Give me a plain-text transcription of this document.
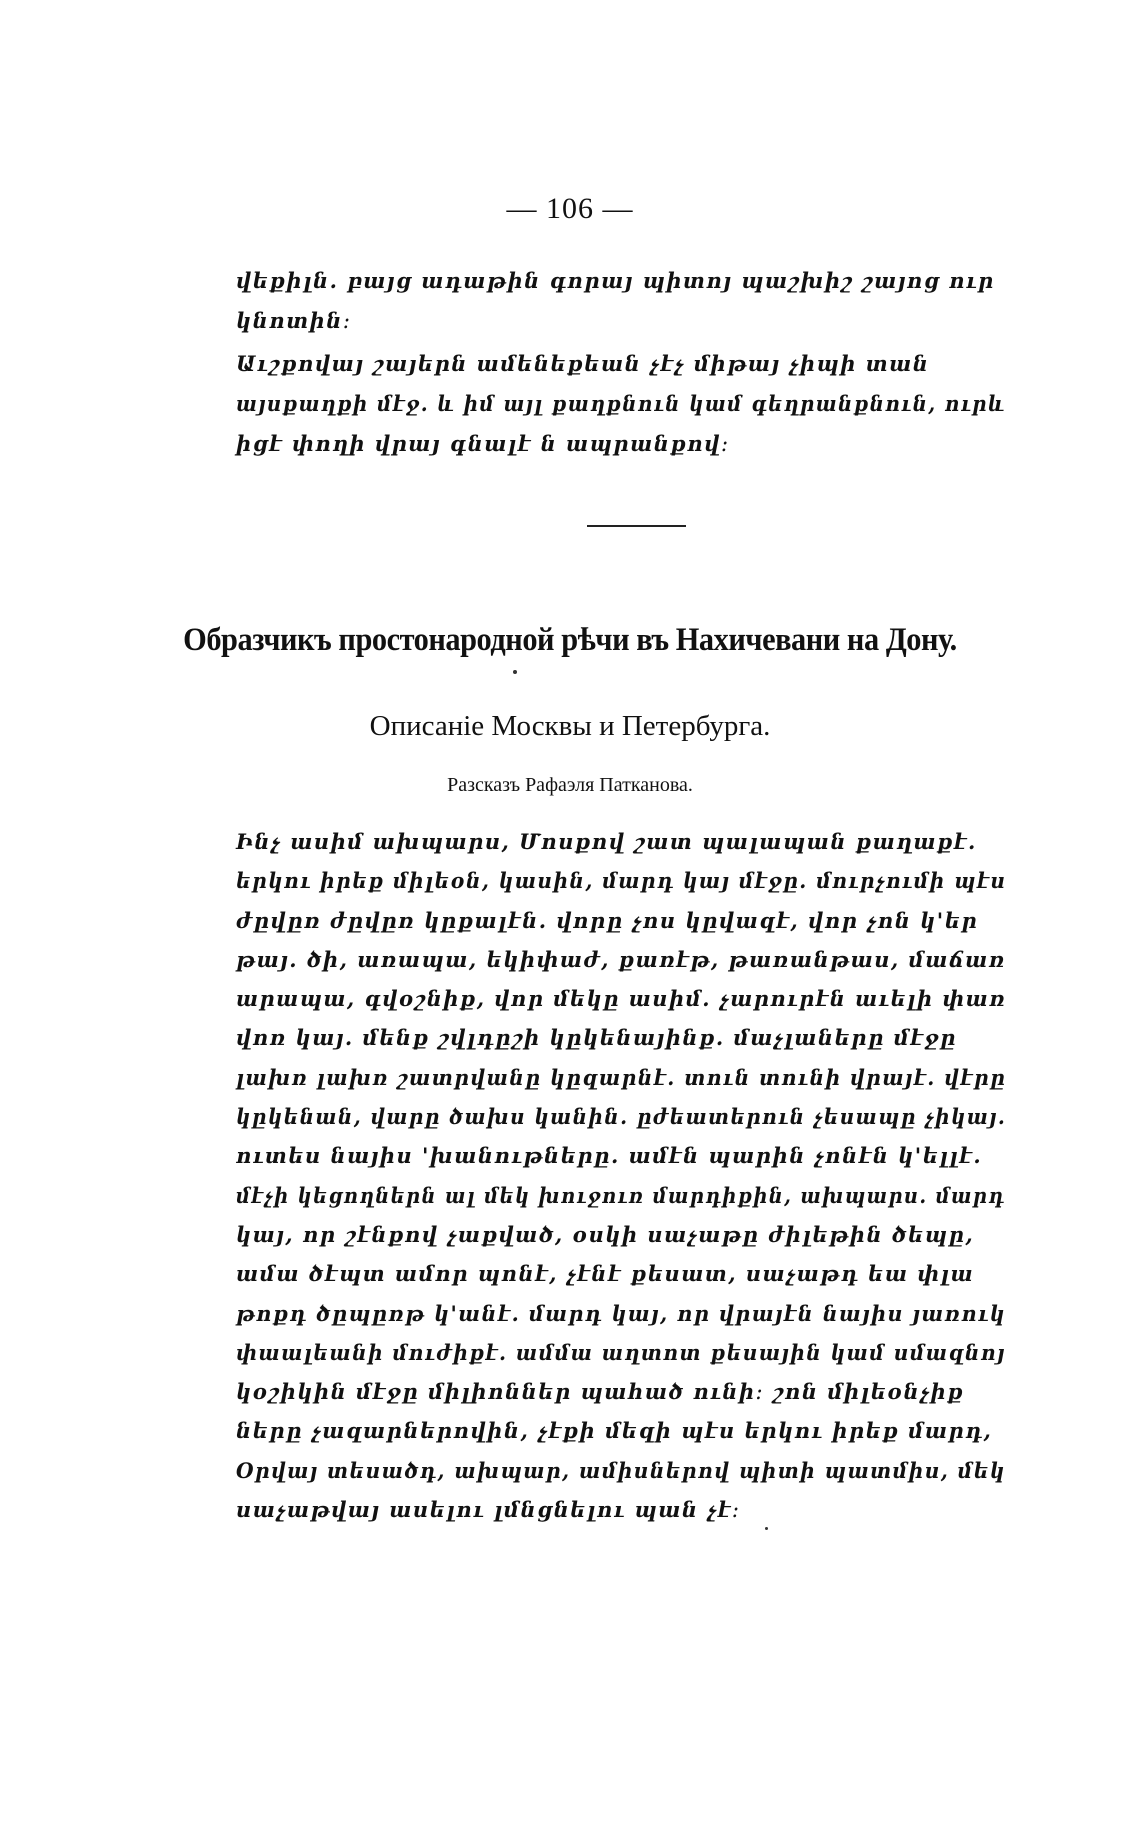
— 106 —
վեքիլն. բայց ադաթին գորայ պիտոյ պաշխիշ շայոց ուր
կնոտին։
Աւշքովայ շայերն ամենեքեան չէչ միթայ չիպի տան
այսքաղքի մէջ. և իմ այլ քաղքնուն կամ գեղրանքնուն, ուրև
իցէ փողի վրայ գնալէ ն ապրանքով։
Образчикъ простонародной рѣчи въ Нахичевани на Дону.
Описаніе Москвы и Петербурга.
Разсказъ Рафаэля Патканова.
Ինչ ասիմ ախպարս, Մոսքով շատ պալապան քաղաքէ.
երկու իրեք միլեօն, կասին, մարդ կայ մէջը. մուրչումի պէս
ժըվըռ ժըվըռ կըքալէն. վորը չոս կըվազէ, վոր չոն կ'եր
թայ. ծի, առապա, եկիփաժ, քառէթ, թառանթաս, մաճառ
արապա, գվօշնիք, վոր մեկը ասիմ. չարուրէն աւելի փառ
վոռ կայ. մենք շվլդըշի կըկենայինք. մաչլաները մէջը
լախռ լախռ շատրվանը կըզարնէ. տուն տունի վրայէ. վէրը
կըկենան, վարը ծախս կանին. ըժեատերուն չեսապը չիկայ.
ուտես նայիս 'խանութները. ամէն պարին չոնէն կ'ելլէ.
մէչի կեցողներն ալ մեկ խուջուռ մարդիքին, ախպարս. մարդ
կայ, որ շէնքով չաքված, օսկի սաչաթը ժիլեթին ծեպը,
ամա ծէպտ ամոր պոնէ, չէնէ քեսատ, սաչաթդ եա փլա
թոքդ ծըպըռթ կ'անէ. մարդ կայ, որ վրայէն նայիս յառուկ
փաալեանի մուժիքէ. ամմա աղտոտ քեսային կամ սմազնոյ
կօշիկին մէջը միլիոններ պահած ունի։ շոն միլեօնչիք
ները չազարներովին, չէքի մեզի պէս երկու իրեք մարդ,
Օրվայ տեսածդ, ախպար, ամիսներով պիտի պատմիս, մեկ
սաչաթվայ ասելու լմնցնելու պան չէ։
